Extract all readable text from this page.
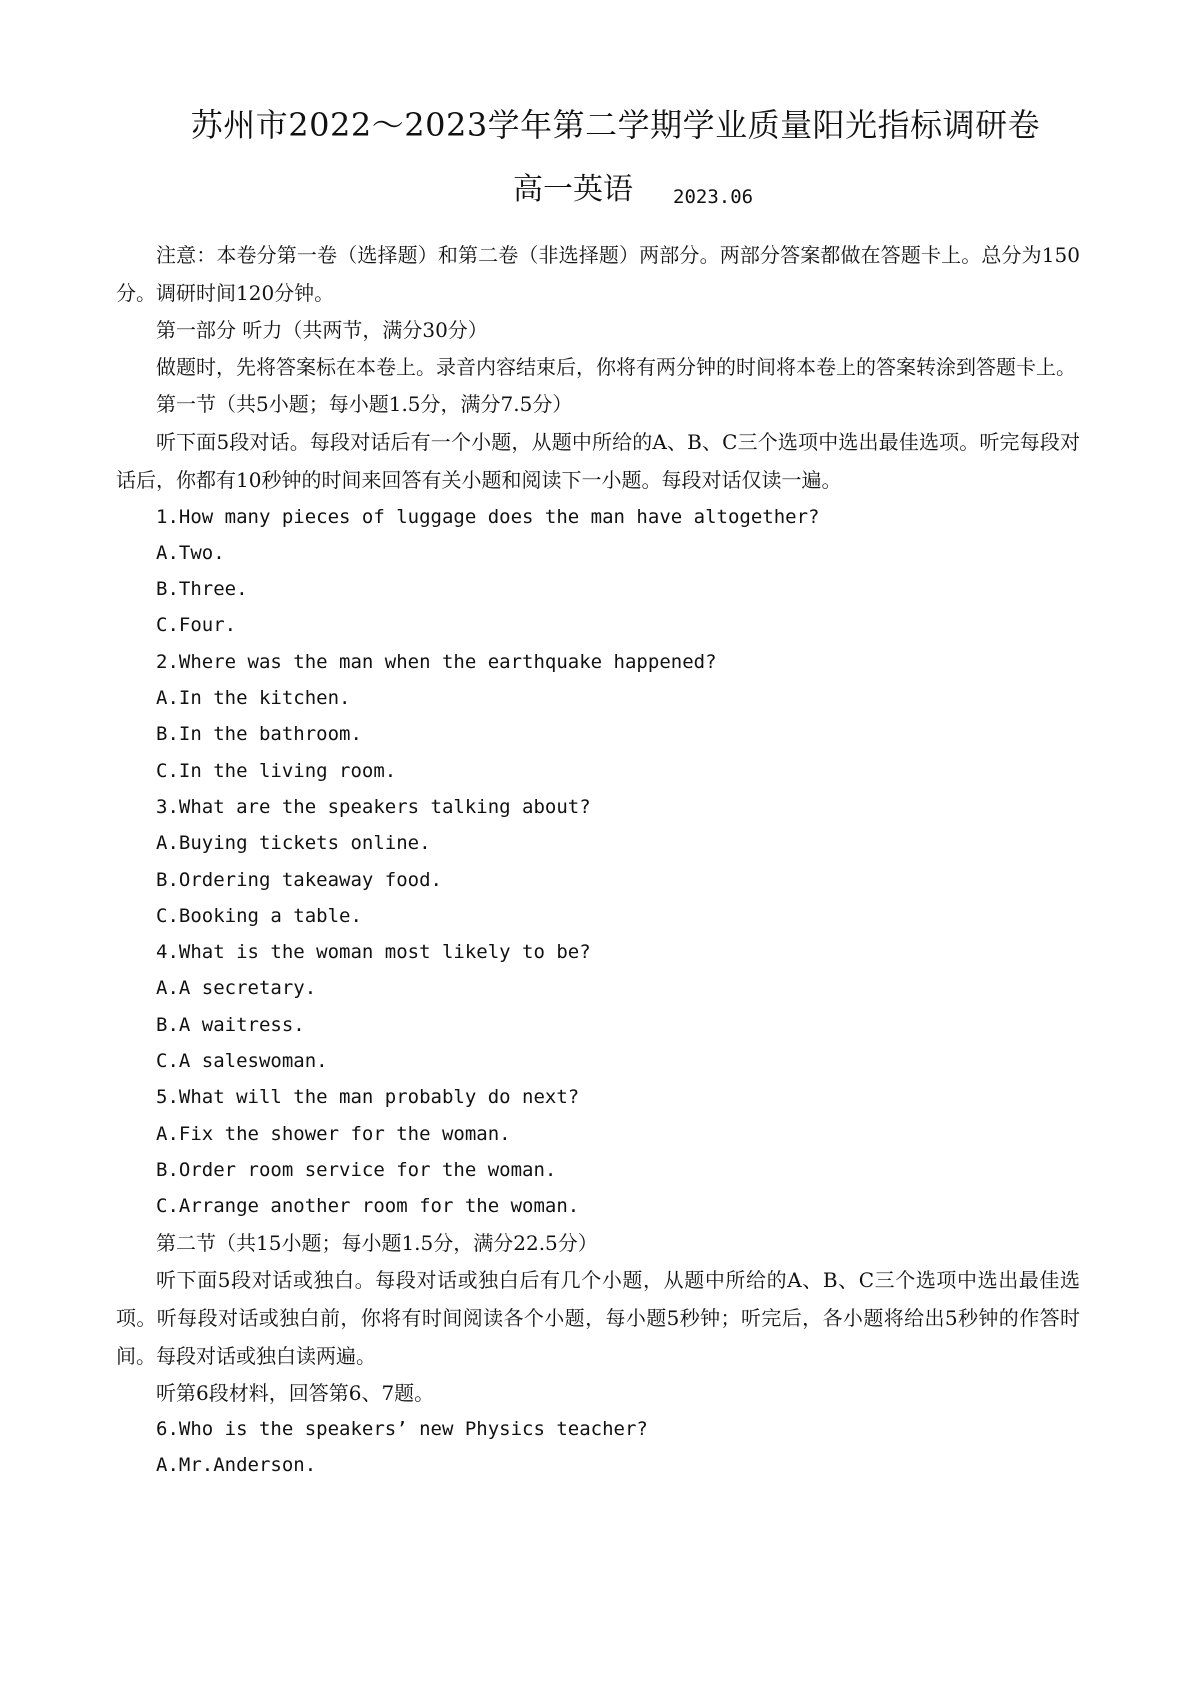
苏州市2022～2023学年第二学期学业质量阳光指标调研卷
高一英语 2023.06
注意：本卷分第一卷（选择题）和第二卷（非选择题）两部分。两部分答案都做在答题卡上。总分为150分。调研时间120分钟。
第一部分 听力（共两节，满分30分）
做题时，先将答案标在本卷上。录音内容结束后，你将有两分钟的时间将本卷上的答案转涂到答题卡上。
第一节（共5小题；每小题1.5分，满分7.5分）
听下面5段对话。每段对话后有一个小题，从题中所给的A、B、C三个选项中选出最佳选项。听完每段对话后，你都有10秒钟的时间来回答有关小题和阅读下一小题。每段对话仅读一遍。
1.How many pieces of luggage does the man have altogether?
A.Two.
B.Three.
C.Four.
2.Where was the man when the earthquake happened?
A.In the kitchen.
B.In the bathroom.
C.In the living room.
3.What are the speakers talking about?
A.Buying tickets online.
B.Ordering takeaway food.
C.Booking a table.
4.What is the woman most likely to be?
A.A secretary.
B.A waitress.
C.A saleswoman.
5.What will the man probably do next?
A.Fix the shower for the woman.
B.Order room service for the woman.
C.Arrange another room for the woman.
第二节（共15小题；每小题1.5分，满分22.5分）
听下面5段对话或独白。每段对话或独白后有几个小题，从题中所给的A、B、C三个选项中选出最佳选项。听每段对话或独白前，你将有时间阅读各个小题，每小题5秒钟；听完后，各小题将给出5秒钟的作答时间。每段对话或独白读两遍。
听第6段材料，回答第6、7题。
6.Who is the speakers’ new Physics teacher?
A.Mr.Anderson.
